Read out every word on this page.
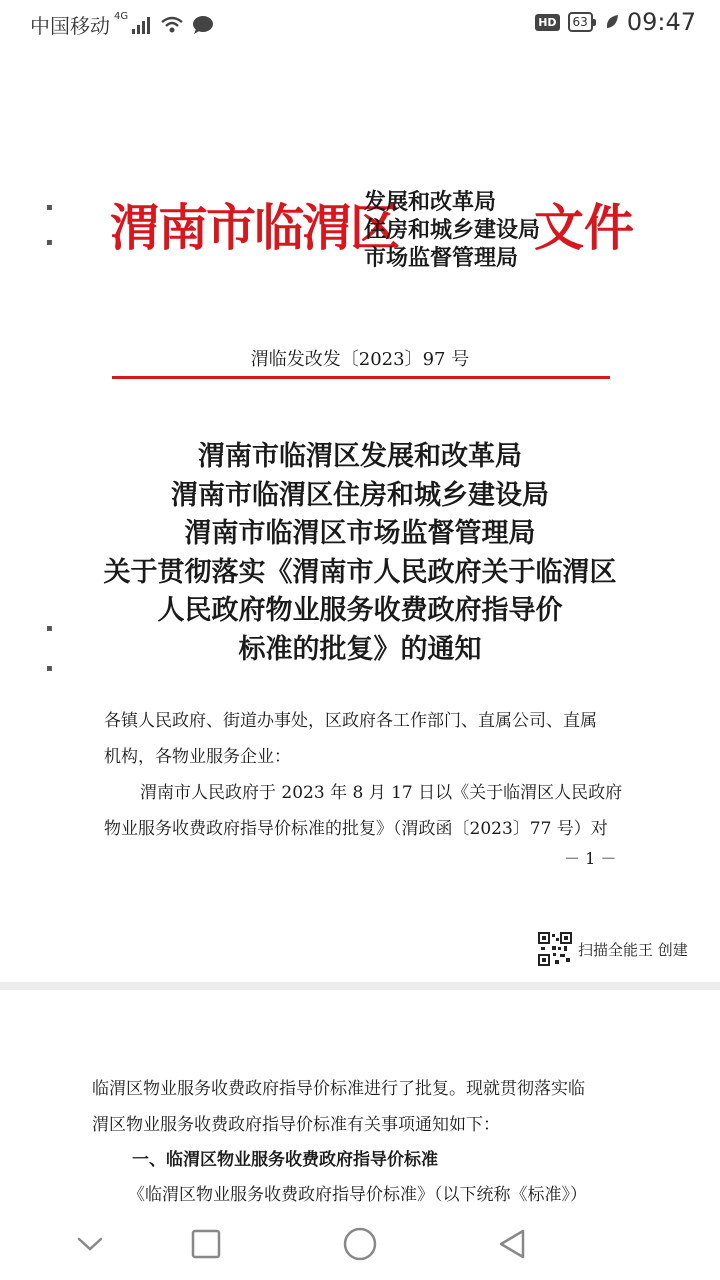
中国移动 4G	HD	63 09:47
▪
▪
▪
▪
渭南市临渭区
发展和改革局
住房和城乡建设局
市场监督管理局
文件
渭临发改发〔2023〕97 号
渭南市临渭区发展和改革局
渭南市临渭区住房和城乡建设局
渭南市临渭区市场监督管理局
关于贯彻落实《渭南市人民政府关于临渭区
人民政府物业服务收费政府指导价
标准的批复》的通知
各镇人民政府、街道办事处，区政府各工作部门、直属公司、直属
机构，各物业服务企业：
渭南市人民政府于 2023 年 8 月 17 日以《关于临渭区人民政府
物业服务收费政府指导价标准的批复》（渭政函〔2023〕77 号）对
－ 1 －
扫描全能王 创建
临渭区物业服务收费政府指导价标准进行了批复。现就贯彻落实临
渭区物业服务收费政府指导价标准有关事项通知如下：
一、临渭区物业服务收费政府指导价标准
《临渭区物业服务收费政府指导价标准》（以下统称《标准》）
